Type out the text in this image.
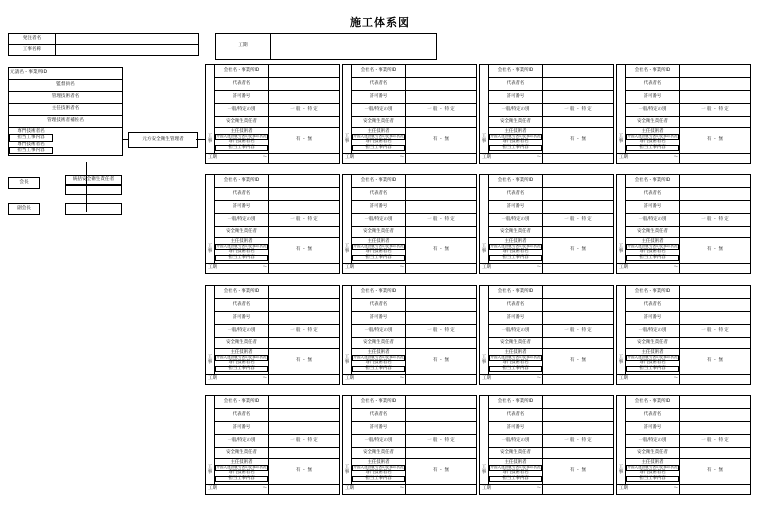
施工体系図
発注者名	
工事名称	
工期	
元請名・事業所ID
監督員名
管理技術者名
主任技術者名
管理技術者補佐名

専門技術者名
担当工事内容
専門技術者名
担当工事内容
元方安全衛生管理者
会長
統括安全衛生責任者
副会長
	会社名・事業所ID	
	代表者名	
	許可番号	
	一般/特定の別	一 般 ・ 特 定
	安全衛生責任者	
工事	主任技術者
外国人建設就労者の従事の状況
専門技術者名
担当工事内容	有 ・ 無
工期 ～		
	会社名・事業所ID	
	代表者名	
	許可番号	
	一般/特定の別	一 般 ・ 特 定
	安全衛生責任者	
工事	主任技術者
外国人建設就労者の従事の状況
専門技術者名
担当工事内容	有 ・ 無
工期 ～		
	会社名・事業所ID	
	代表者名	
	許可番号	
	一般/特定の別	一 般 ・ 特 定
	安全衛生責任者	
工事	主任技術者
外国人建設就労者の従事の状況
専門技術者名
担当工事内容	有 ・ 無
工期 ～		
	会社名・事業所ID	
	代表者名	
	許可番号	
	一般/特定の別	一 般 ・ 特 定
	安全衛生責任者	
工事	主任技術者
外国人建設就労者の従事の状況
専門技術者名
担当工事内容	有 ・ 無
工期 ～		
	会社名・事業所ID	
	代表者名	
	許可番号	
	一般/特定の別	一 般 ・ 特 定
	安全衛生責任者	
工事	主任技術者
外国人建設就労者の従事の状況
専門技術者名
担当工事内容	有 ・ 無
工期 ～		
	会社名・事業所ID	
	代表者名	
	許可番号	
	一般/特定の別	一 般 ・ 特 定
	安全衛生責任者	
工事	主任技術者
外国人建設就労者の従事の状況
専門技術者名
担当工事内容	有 ・ 無
工期 ～		
	会社名・事業所ID	
	代表者名	
	許可番号	
	一般/特定の別	一 般 ・ 特 定
	安全衛生責任者	
工事	主任技術者
外国人建設就労者の従事の状況
専門技術者名
担当工事内容	有 ・ 無
工期 ～		
	会社名・事業所ID	
	代表者名	
	許可番号	
	一般/特定の別	一 般 ・ 特 定
	安全衛生責任者	
工事	主任技術者
外国人建設就労者の従事の状況
専門技術者名
担当工事内容	有 ・ 無
工期 ～		
	会社名・事業所ID	
	代表者名	
	許可番号	
	一般/特定の別	一 般 ・ 特 定
	安全衛生責任者	
工事	主任技術者
外国人建設就労者の従事の状況
専門技術者名
担当工事内容	有 ・ 無
工期 ～		
	会社名・事業所ID	
	代表者名	
	許可番号	
	一般/特定の別	一 般 ・ 特 定
	安全衛生責任者	
工事	主任技術者
外国人建設就労者の従事の状況
専門技術者名
担当工事内容	有 ・ 無
工期 ～		
	会社名・事業所ID	
	代表者名	
	許可番号	
	一般/特定の別	一 般 ・ 特 定
	安全衛生責任者	
工事	主任技術者
外国人建設就労者の従事の状況
専門技術者名
担当工事内容	有 ・ 無
工期 ～		
	会社名・事業所ID	
	代表者名	
	許可番号	
	一般/特定の別	一 般 ・ 特 定
	安全衛生責任者	
工事	主任技術者
外国人建設就労者の従事の状況
専門技術者名
担当工事内容	有 ・ 無
工期 ～		
	会社名・事業所ID	
	代表者名	
	許可番号	
	一般/特定の別	一 般 ・ 特 定
	安全衛生責任者	
工事	主任技術者
外国人建設就労者の従事の状況
専門技術者名
担当工事内容	有 ・ 無
工期 ～		
	会社名・事業所ID	
	代表者名	
	許可番号	
	一般/特定の別	一 般 ・ 特 定
	安全衛生責任者	
工事	主任技術者
外国人建設就労者の従事の状況
専門技術者名
担当工事内容	有 ・ 無
工期 ～		
	会社名・事業所ID	
	代表者名	
	許可番号	
	一般/特定の別	一 般 ・ 特 定
	安全衛生責任者	
工事	主任技術者
外国人建設就労者の従事の状況
専門技術者名
担当工事内容	有 ・ 無
工期 ～		
	会社名・事業所ID	
	代表者名	
	許可番号	
	一般/特定の別	一 般 ・ 特 定
	安全衛生責任者	
工事	主任技術者
外国人建設就労者の従事の状況
専門技術者名
担当工事内容	有 ・ 無
工期 ～		
